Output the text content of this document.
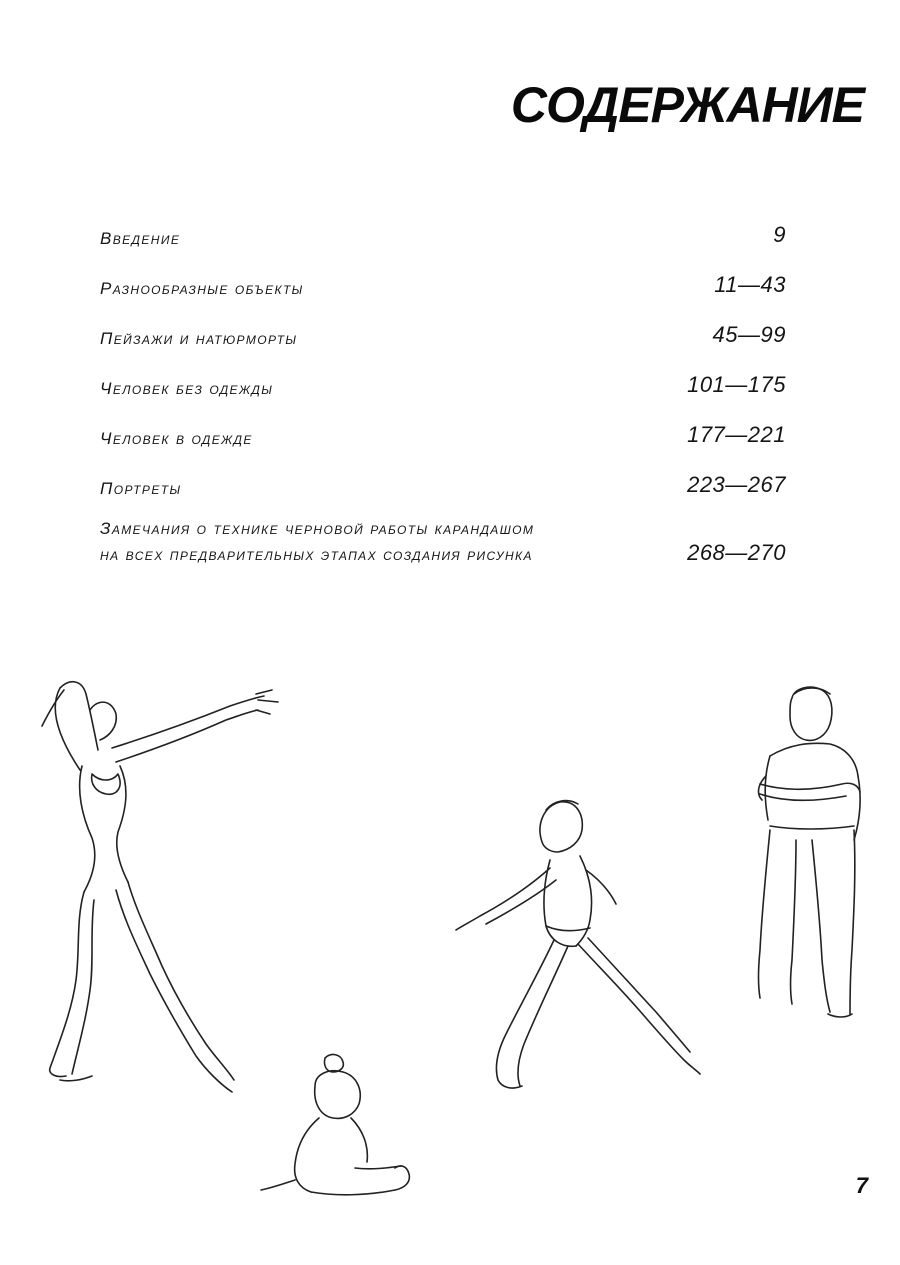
СОДЕРЖАНИЕ
Введение	9
Разнообразные объекты	11—43
Пейзажи и натюрморты	45—99
Человек без одежды	101—175
Человек в одежде	177—221
Портреты	223—267
Замечания о технике черновой работы карандашом
на всех предварительных этапах создания рисунка	268—270
7
